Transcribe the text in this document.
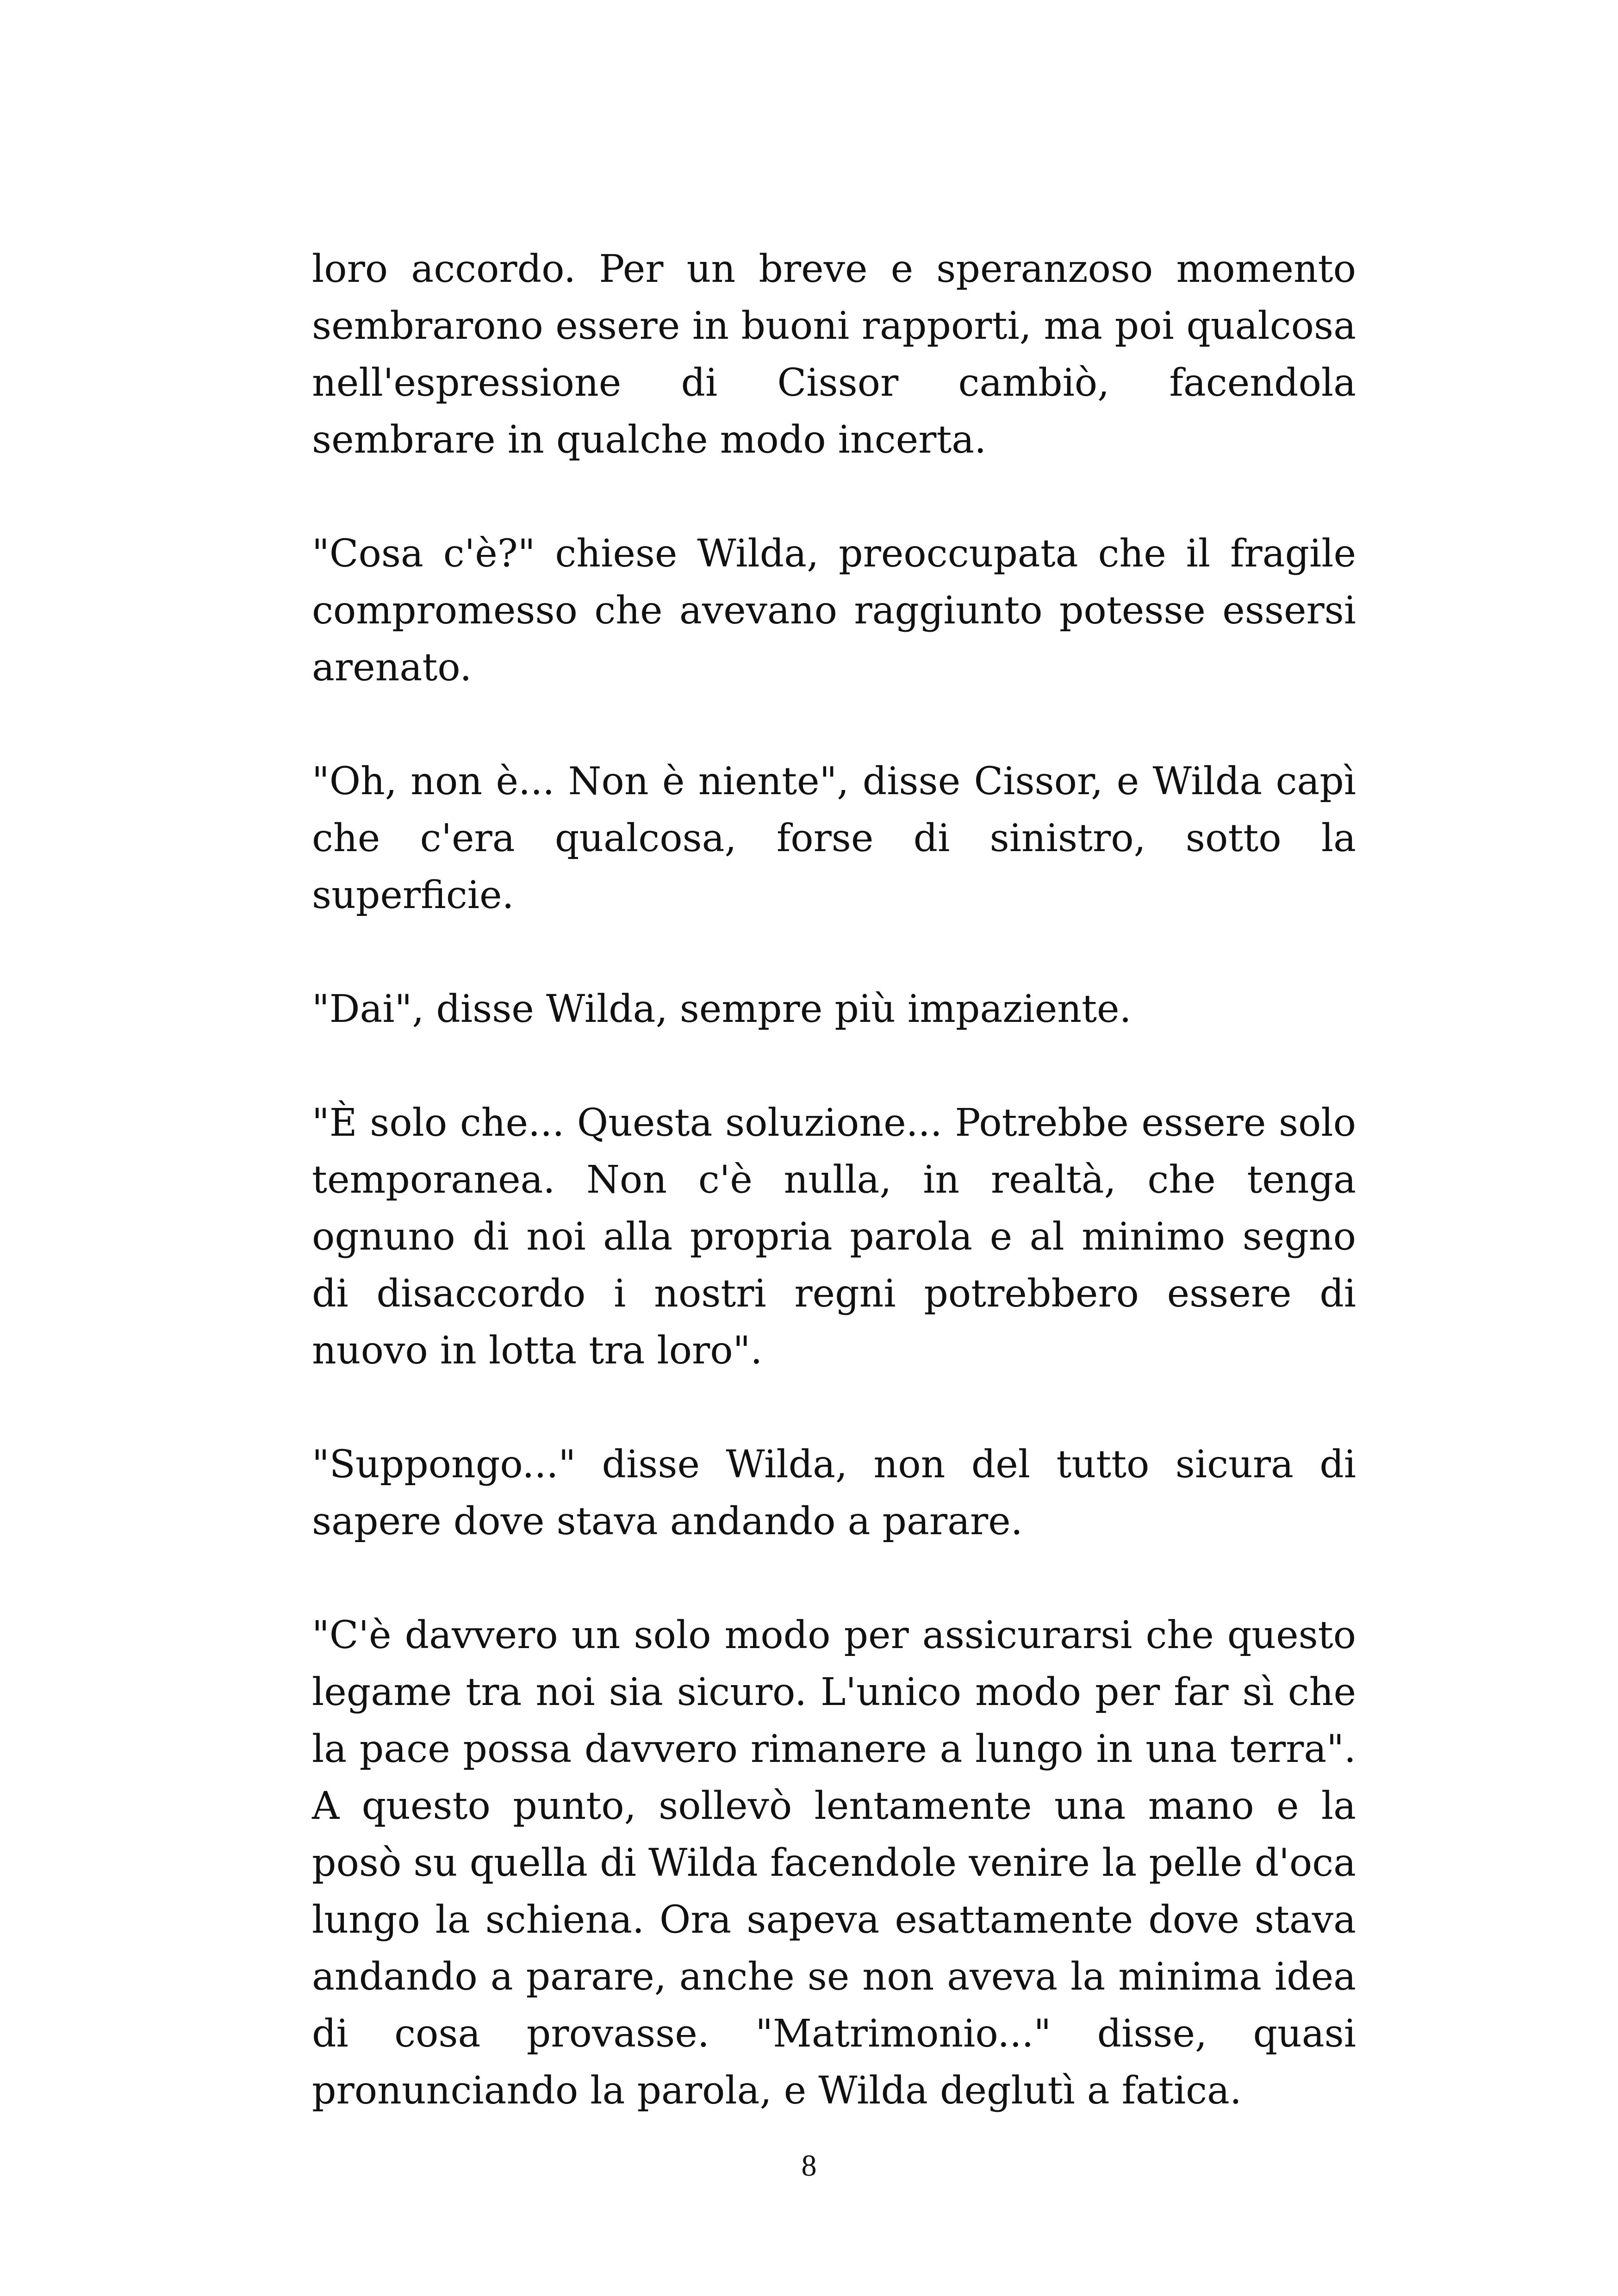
loro accordo. Per un breve e speranzoso momento sembrarono essere in buoni rapporti, ma poi qualcosa nell'espressione di Cissor cambiò, facendola sembrare in qualche modo incerta.

"Cosa c'è?" chiese Wilda, preoccupata che il fragile compromesso che avevano raggiunto potesse essersi arenato.

"Oh, non è... Non è niente", disse Cissor, e Wilda capì che c'era qualcosa, forse di sinistro, sotto la superficie.

"Dai", disse Wilda, sempre più impaziente.

"È solo che... Questa soluzione... Potrebbe essere solo temporanea. Non c'è nulla, in realtà, che tenga ognuno di noi alla propria parola e al minimo segno di disaccordo i nostri regni potrebbero essere di nuovo in lotta tra loro".

"Suppongo..." disse Wilda, non del tutto sicura di sapere dove stava andando a parare.

"C'è davvero un solo modo per assicurarsi che questo legame tra noi sia sicuro. L'unico modo per far sì che la pace possa davvero rimanere a lungo in una terra". A questo punto, sollevò lentamente una mano e la posò su quella di Wilda facendole venire la pelle d'oca lungo la schiena. Ora sapeva esattamente dove stava andando a parare, anche se non aveva la minima idea di cosa provasse. "Matrimonio..." disse, quasi pronunciando la parola, e Wilda deglutì a fatica.

8
